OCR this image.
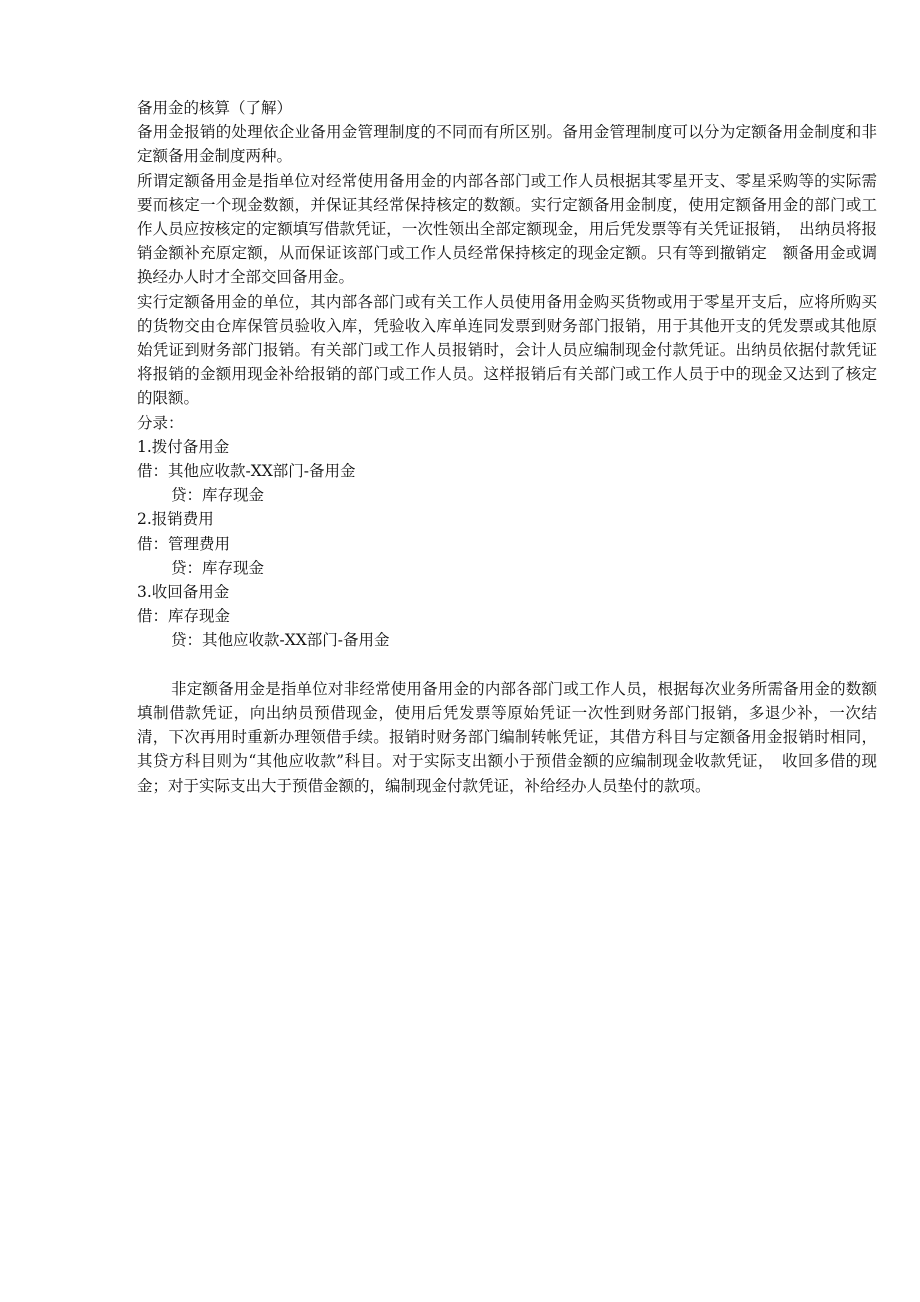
备用金的核算（了解）

备用金报销的处理依企业备用金管理制度的不同而有所区别。备用金管理制度可以分为定额备用金制度和非定额备用金制度两种。

所谓定额备用金是指单位对经常使用备用金的内部各部门或工作人员根据其零星开支、零星采购等的实际需要而核定一个现金数额，并保证其经常保持核定的数额。实行定额备用金制度，使用定额备用金的部门或工作人员应按核定的定额填写借款凭证，一次性领出全部定额现金，用后凭发票等有关凭证报销，　出纳员将报销金额补充原定额，从而保证该部门或工作人员经常保持核定的现金定额。只有等到撤销定　额备用金或调换经办人时才全部交回备用金。

实行定额备用金的单位，其内部各部门或有关工作人员使用备用金购买货物或用于零星开支后，应将所购买的货物交由仓库保管员验收入库，凭验收入库单连同发票到财务部门报销，用于其他开支的凭发票或其他原始凭证到财务部门报销。有关部门或工作人员报销时，会计人员应编制现金付款凭证。出纳员依据付款凭证将报销的金额用现金补给报销的部门或工作人员。这样报销后有关部门或工作人员于中的现金又达到了核定的限额。

分录：

1.拨付备用金

借：其他应收款-XX部门-备用金

贷：库存现金

2.报销费用

借：管理费用

贷：库存现金

3.收回备用金

借：库存现金

贷：其他应收款-XX部门-备用金

非定额备用金是指单位对非经常使用备用金的内部各部门或工作人员，根据每次业务所需备用金的数额填制借款凭证，向出纳员预借现金，使用后凭发票等原始凭证一次性到财务部门报销，多退少补，一次结清，下次再用时重新办理领借手续。报销时财务部门编制转帐凭证，其借方科目与定额备用金报销时相同，其贷方科目则为“其他应收款”科目。对于实际支出额小于预借金额的应编制现金收款凭证，　收回多借的现金；对于实际支出大于预借金额的，编制现金付款凭证，补给经办人员垫付的款项。
